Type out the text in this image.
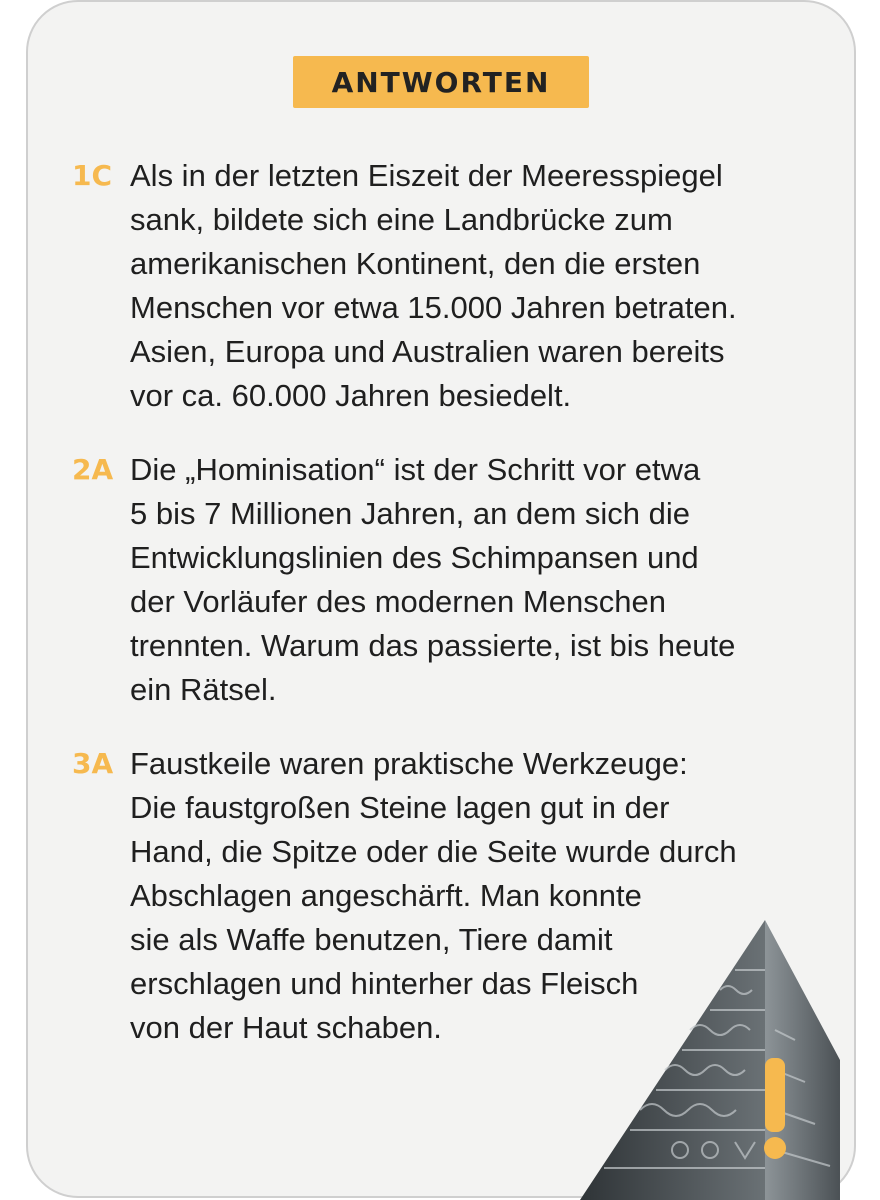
ANTWORTEN
1C Als in der letzten Eiszeit der Meeresspiegel
sank, bildete sich eine Landbrücke zum
amerikanischen Kontinent, den die ersten
Menschen vor etwa 15.000 Jahren betraten.
Asien, Europa und Australien waren bereits
vor ca. 60.000 Jahren besiedelt.
2A Die „Hominisation“ ist der Schritt vor etwa
5 bis 7 Millionen Jahren, an dem sich die
Entwicklungslinien des Schimpansen und
der Vorläufer des modernen Menschen
trennten. Warum das passierte, ist bis heute
ein Rätsel.
3A Faustkeile waren praktische Werkzeuge:
Die faustgroßen Steine lagen gut in der
Hand, die Spitze oder die Seite wurde durch
Abschlagen angeschärft. Man konnte
sie als Waffe benutzen, Tiere damit
erschlagen und hinterher das Fleisch
von der Haut schaben.
